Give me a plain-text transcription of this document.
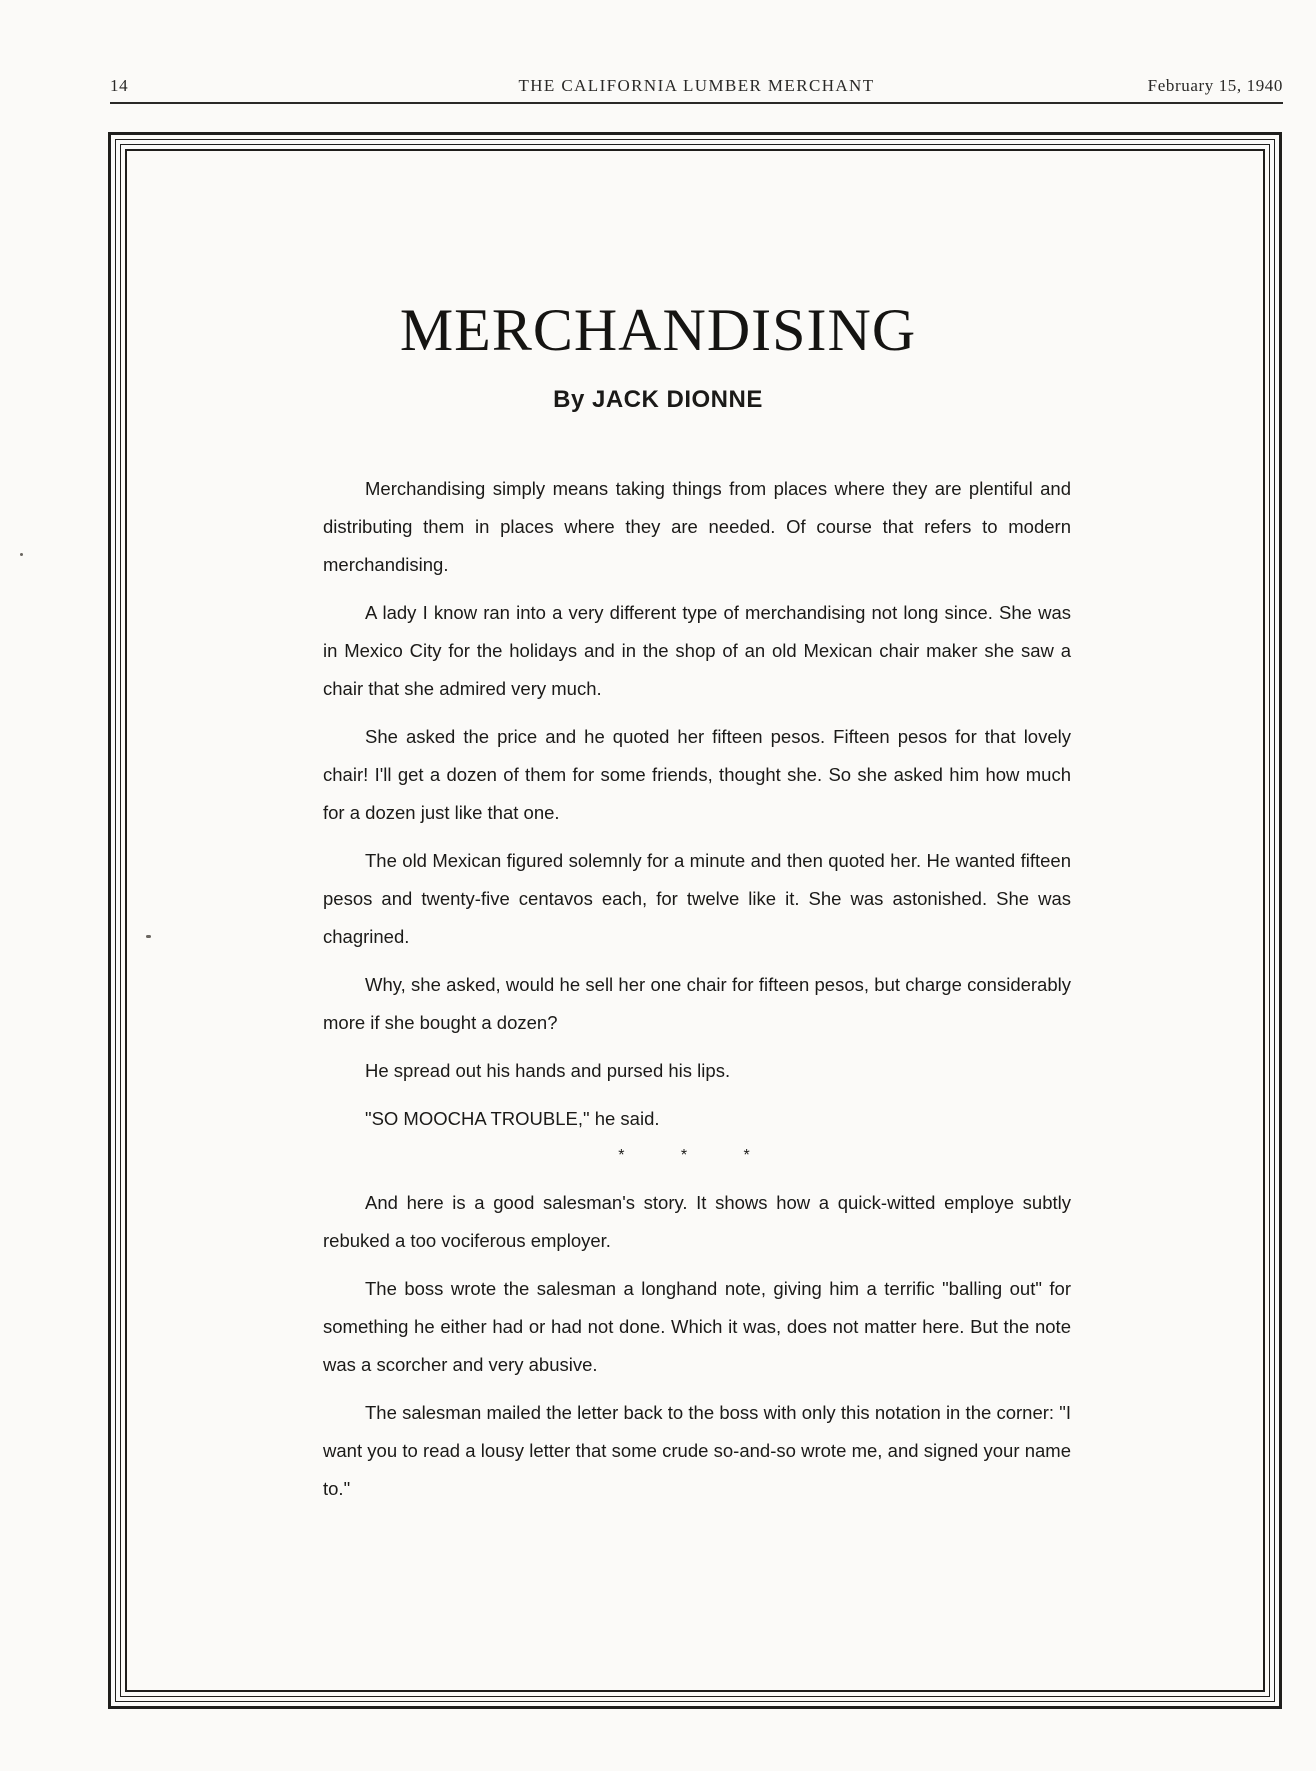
14	THE CALIFORNIA LUMBER MERCHANT	February 15, 1940
MERCHANDISING
By JACK DIONNE

Merchandising simply means taking things from places where they are plentiful and distributing them in places where they are needed. Of course that refers to modern merchandising.

A lady I know ran into a very different type of merchandising not long since. She was in Mexico City for the holidays and in the shop of an old Mexican chair maker she saw a chair that she admired very much.

She asked the price and he quoted her fifteen pesos. Fifteen pesos for that lovely chair! I'll get a dozen of them for some friends, thought she. So she asked him how much for a dozen just like that one.

The old Mexican figured solemnly for a minute and then quoted her. He wanted fifteen pesos and twenty-five centavos each, for twelve like it. She was astonished. She was chagrined.

Why, she asked, would he sell her one chair for fifteen pesos, but charge considerably more if she bought a dozen?

He spread out his hands and pursed his lips.

"SO MOOCHA TROUBLE," he said.

* * *

And here is a good salesman's story. It shows how a quick-witted employe subtly rebuked a too vociferous employer.

The boss wrote the salesman a longhand note, giving him a terrific "balling out" for something he either had or had not done. Which it was, does not matter here. But the note was a scorcher and very abusive.

The salesman mailed the letter back to the boss with only this notation in the corner: "I want you to read a lousy letter that some crude so-and-so wrote me, and signed your name to."
